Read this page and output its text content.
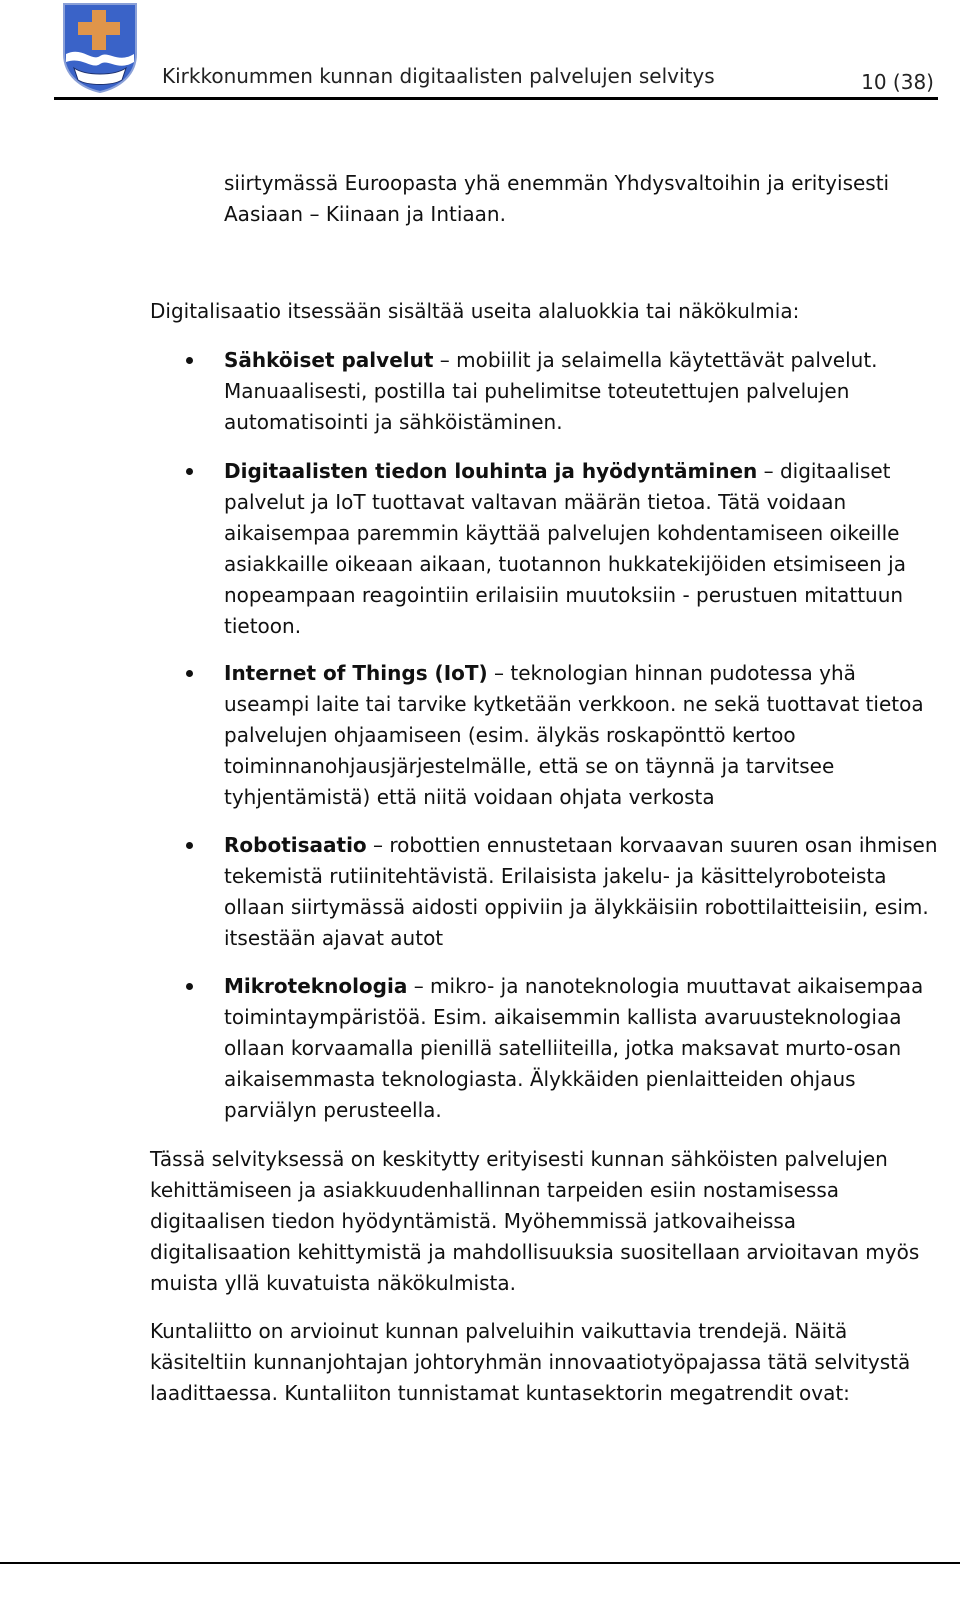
Kirkkonummen kunnan digitaalisten palvelujen selvitys	10 (38)

siirtymässä Euroopasta yhä enemmän Yhdysvaltoihin ja erityisesti Aasiaan – Kiinaan ja Intiaan.

Digitalisaatio itsessään sisältää useita alaluokkia tai näkökulmia:

Sähköiset palvelut – mobiilit ja selaimella käytettävät palvelut. Manuaalisesti, postilla tai puhelimitse toteutettujen palvelujen automatisointi ja sähköistäminen.
Digitaalisten tiedon louhinta ja hyödyntäminen – digitaaliset palvelut ja IoT tuottavat valtavan määrän tietoa. Tätä voidaan aikaisempaa paremmin käyttää palvelujen kohdentamiseen oikeille asiakkaille oikeaan aikaan, tuotannon hukkatekijöiden etsimiseen ja nopeampaan reagointiin erilaisiin muutoksiin - perustuen mitattuun tietoon.
Internet of Things (IoT) – teknologian hinnan pudotessa yhä useampi laite tai tarvike kytketään verkkoon. ne sekä tuottavat tietoa palvelujen ohjaamiseen (esim. älykäs roskapönttö kertoo toiminnanohjausjärjestelmälle, että se on täynnä ja tarvitsee tyhjentämistä) että niitä voidaan ohjata verkosta
Robotisaatio – robottien ennustetaan korvaavan suuren osan ihmisen tekemistä rutiinitehtävistä. Erilaisista jakelu- ja käsittelyroboteista ollaan siirtymässä aidosti oppiviin ja älykkäisiin robottilaitteisiin, esim. itsestään ajavat autot
Mikroteknologia – mikro- ja nanoteknologia muuttavat aikaisempaa toimintaympäristöä. Esim. aikaisemmin kallista avaruusteknologiaa ollaan korvaamalla pienillä satelliiteilla, jotka maksavat murto-osan aikaisemmasta teknologiasta. Älykkäiden pienlaitteiden ohjaus parviälyn perusteella.

Tässä selvityksessä on keskitytty erityisesti kunnan sähköisten palvelujen kehittämiseen ja asiakkuudenhallinnan tarpeiden esiin nostamisessa digitaalisen tiedon hyödyntämistä. Myöhemmissä jatkovaiheissa digitalisaation kehittymistä ja mahdollisuuksia suositellaan arvioitavan myös muista yllä kuvatuista näkökulmista.

Kuntaliitto on arvioinut kunnan palveluihin vaikuttavia trendejä. Näitä käsiteltiin kunnanjohtajan johtoryhmän innovaatiotyöpajassa tätä selvitystä laadittaessa. Kuntaliiton tunnistamat kuntasektorin megatrendit ovat:
